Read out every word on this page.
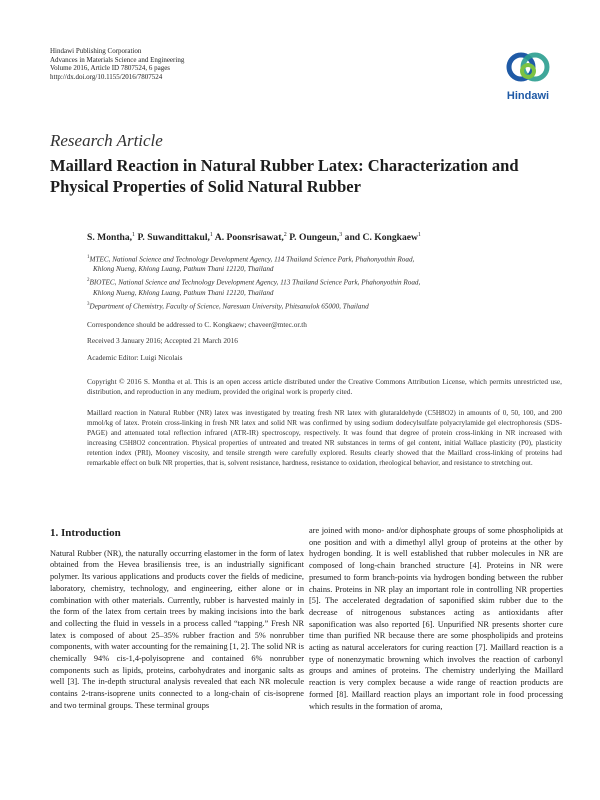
Hindawi Publishing Corporation
Advances in Materials Science and Engineering
Volume 2016, Article ID 7807524, 6 pages
http://dx.doi.org/10.1155/2016/7807524
Hindawi
Research Article
Maillard Reaction in Natural Rubber Latex: Characterization and Physical Properties of Solid Natural Rubber
S. Montha,$^1$ P. Suwandittakul,$^1$ A. Poonsrisawat,$^2$ P. Oungeun,$^3$ and C. Kongkaew$^1$
$^1$MTEC, National Science and Technology Development Agency, 114 Thailand Science Park, Phahonyothin Road,
Khlong Nueng, Khlong Luang, Pathum Thani 12120, Thailand
$^2$BIOTEC, National Science and Technology Development Agency, 113 Thailand Science Park, Phahonyothin Road,
Khlong Nueng, Khlong Luang, Pathum Thani 12120, Thailand
$^3$Department of Chemistry, Faculty of Science, Naresuan University, Phitsanulok 65000, Thailand
Correspondence should be addressed to C. Kongkaew; chaveer@mtec.or.th
Received 3 January 2016; Accepted 21 March 2016
Academic Editor: Luigi Nicolais
Copyright © 2016 S. Montha et al. This is an open access article distributed under the Creative Commons Attribution License, which permits unrestricted use, distribution, and reproduction in any medium, provided the original work is properly cited.
Maillard reaction in Natural Rubber (NR) latex was investigated by treating fresh NR latex with glutaraldehyde (C5H8O2) in amounts of 0, 50, 100, and 200 mmol/kg of latex. Protein cross-linking in fresh NR latex and solid NR was confirmed by using sodium dodecylsulfate polyacrylamide gel electrophoresis (SDS-PAGE) and attenuated total reflection infrared (ATR-IR) spectroscopy, respectively. It was found that degree of protein cross-linking in NR increased with increasing C5H8O2 concentration. Physical properties of untreated and treated NR substances in terms of gel content, initial Wallace plasticity (P0), plasticity retention index (PRI), Mooney viscosity, and tensile strength were carefully explored. Results clearly showed that the Maillard cross-linking of proteins had remarkable effect on bulk NR properties, that is, solvent resistance, hardness, resistance to oxidation, rheological behavior, and resistance to stretching out.
1. Introduction
Natural Rubber (NR), the naturally occurring elastomer in the form of latex obtained from the Hevea brasiliensis tree, is an industrially significant polymer. Its various applications and products cover the fields of medicine, laboratory, chemistry, technology, and engineering, either alone or in combination with other materials. Currently, rubber is harvested mainly in the form of the latex from certain trees by making incisions into the bark and collecting the fluid in vessels in a process called “tapping.” Fresh NR latex is composed of about 25–35% rubber fraction and 5% nonrubber components, with water accounting for the remaining [1, 2]. The solid NR is chemically 94% cis-1,4-polyisoprene and contained 6% nonrubber components such as lipids, proteins, carbohydrates and inorganic salts as well [3]. The in-depth structural analysis revealed that each NR molecule contains 2-trans-isoprene units connected to a long-chain of cis-isoprene and two terminal groups. These terminal groups
are joined with mono- and/or diphosphate groups of some phospholipids at one position and with a dimethyl allyl group of proteins at the other by hydrogen bonding. It is well established that rubber molecules in NR are composed of long-chain branched structure [4]. Proteins in NR were presumed to form branch-points via hydrogen bonding between the rubber chains. Proteins in NR play an important role in controlling NR properties [5]. The accelerated degradation of saponified skim rubber due to the decrease of nitrogenous substances acting as antioxidants after saponification was also reported [6]. Unpurified NR presents shorter cure time than purified NR because there are some phospholipids and proteins acting as natural accelerators for curing reaction [7]. Maillard reaction is a type of nonenzymatic browning which involves the reaction of carbonyl groups and amines of proteins. The chemistry underlying the Maillard reaction is very complex because a wide range of reaction products are formed [8]. Maillard reaction plays an important role in food processing which results in the formation of aroma,
